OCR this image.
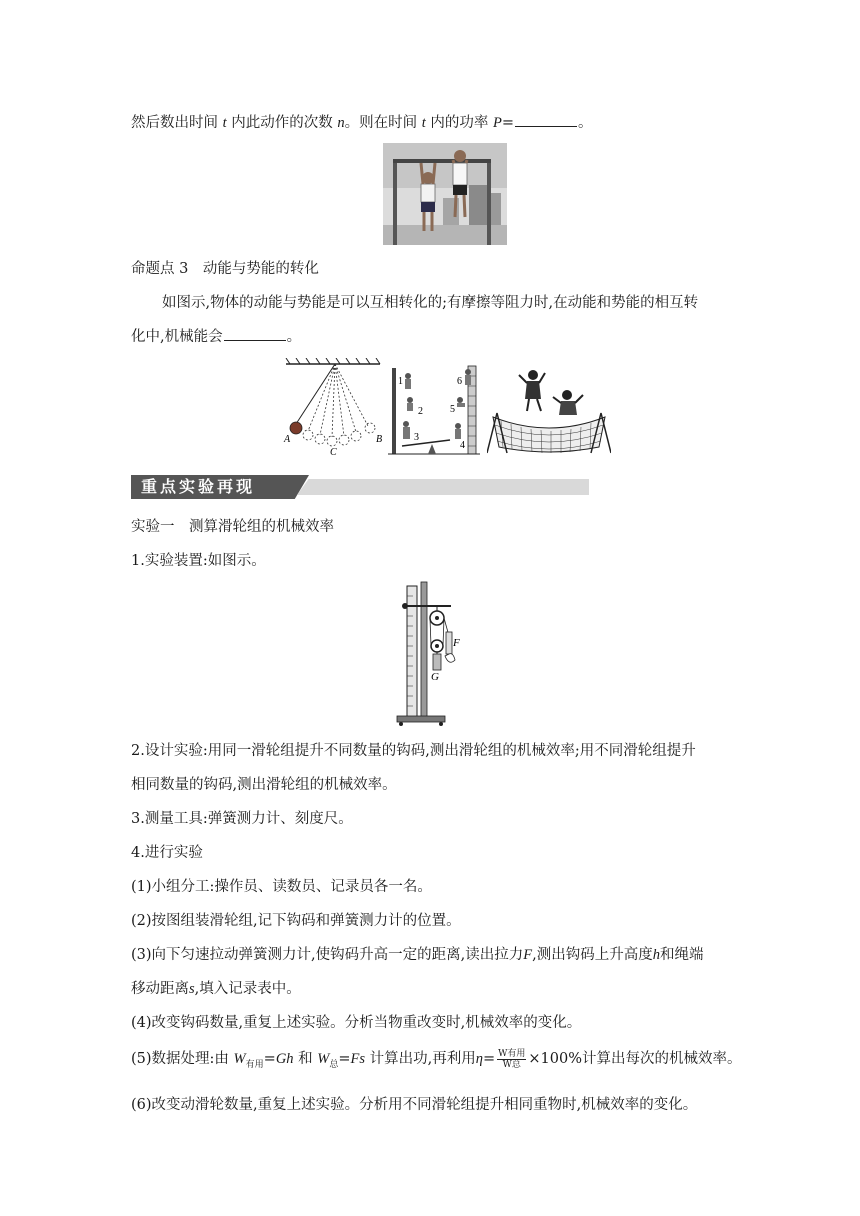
然后数出时间 t 内此动作的次数 n。则在时间 t 内的功率 P=	。
命题点 3　动能与势能的转化
如图示,物体的动能与势能是可以互相转化的;有摩擦等阻力时,在动能和势能的相互转
化中,机械能会	。
A	B
C
1
2
3
4
5
6
重点实验再现
实验一　测算滑轮组的机械效率
1.实验装置:如图示。
F
G
2.设计实验:用同一滑轮组提升不同数量的钩码,测出滑轮组的机械效率;用不同滑轮组提升
相同数量的钩码,测出滑轮组的机械效率。
3.测量工具:弹簧测力计、刻度尺。
4.进行实验
(1)小组分工:操作员、读数员、记录员各一名。
(2)按图组装滑轮组,记下钩码和弹簧测力计的位置。
(3)向下匀速拉动弹簧测力计,使钩码升高一定的距离,读出拉力F,测出钩码上升高度h和绳端
移动距离s,填入记录表中。
(4)改变钩码数量,重复上述实验。分析当物重改变时,机械效率的变化。
(5)数据处理:由 $W_{有用}=Gh$ 和 $W_总=Fs$ 计算出功,再利用$\eta= \frac{\text{W有用}}{\text{W总}} \times 100\%$计算出每次的机械效率。
(6)改变动滑轮数量,重复上述实验。分析用不同滑轮组提升相同重物时,机械效率的变化。
